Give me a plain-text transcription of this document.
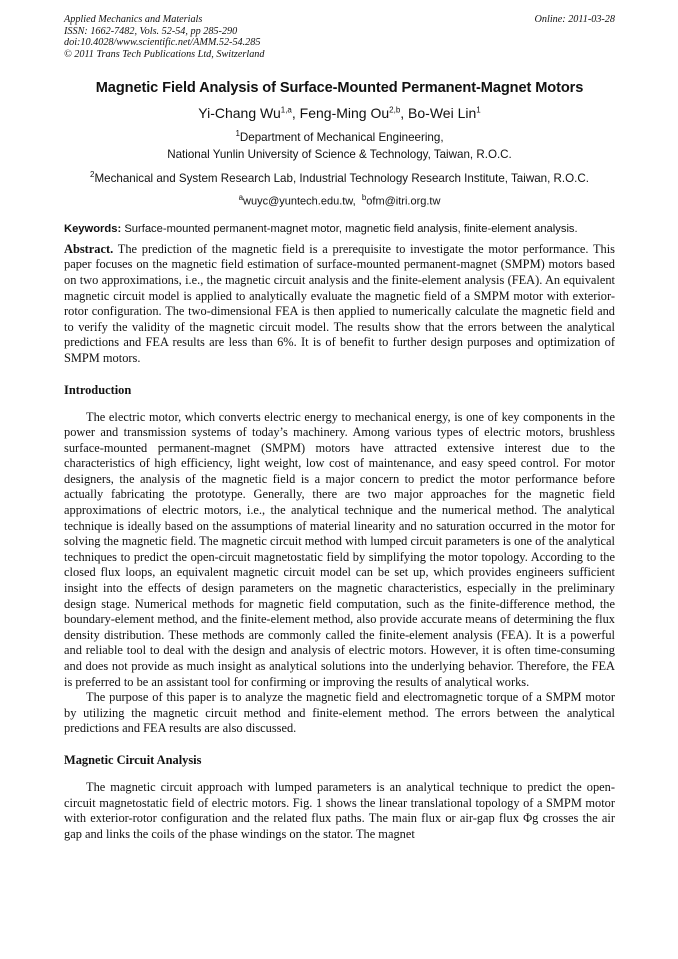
Applied Mechanics and Materials
ISSN: 1662-7482, Vols. 52-54, pp 285-290
doi:10.4028/www.scientific.net/AMM.52-54.285
© 2011 Trans Tech Publications Ltd, Switzerland
Online: 2011-03-28
Magnetic Field Analysis of Surface-Mounted Permanent-Magnet Motors
Yi-Chang Wu$^{1,a}$, Feng-Ming Ou$^{2,b}$, Bo-Wei Lin$^1$
$^1$Department of Mechanical Engineering,
National Yunlin University of Science & Technology, Taiwan, R.O.C.
$^2$Mechanical and System Research Lab, Industrial Technology Research Institute, Taiwan, R.O.C.
$^a$wuyc@yuntech.edu.tw, $^b$ofm@itri.org.tw
Keywords: Surface-mounted permanent-magnet motor, magnetic field analysis, finite-element analysis.
Abstract. The prediction of the magnetic field is a prerequisite to investigate the motor performance. This paper focuses on the magnetic field estimation of surface-mounted permanent-magnet (SMPM) motors based on two approximations, i.e., the magnetic circuit analysis and the finite-element analysis (FEA). An equivalent magnetic circuit model is applied to analytically evaluate the magnetic field of a SMPM motor with exterior-rotor configuration. The two-dimensional FEA is then applied to numerically calculate the magnetic field and to verify the validity of the magnetic circuit model. The results show that the errors between the analytical predictions and FEA results are less than 6%. It is of benefit to further design purposes and optimization of SMPM motors.
Introduction

The electric motor, which converts electric energy to mechanical energy, is one of key components in the power and transmission systems of today’s machinery. Among various types of electric motors, brushless surface-mounted permanent-magnet (SMPM) motors have attracted extensive interest due to the characteristics of high efficiency, light weight, low cost of maintenance, and easy speed control. For motor designers, the analysis of the magnetic field is a major concern to predict the motor performance before actually fabricating the prototype. Generally, there are two major approaches for the magnetic field approximations of electric motors, i.e., the analytical technique and the numerical method. The analytical technique is ideally based on the assumptions of material linearity and no saturation occurred in the motor for solving the magnetic field. The magnetic circuit method with lumped circuit parameters is one of the analytical techniques to predict the open-circuit magnetostatic field by simplifying the motor topology. According to the closed flux loops, an equivalent magnetic circuit model can be set up, which provides engineers sufficient insight into the effects of design parameters on the magnetic characteristics, especially in the preliminary design stage. Numerical methods for magnetic field computation, such as the finite-difference method, the boundary-element method, and the finite-element method, also provide accurate means of determining the flux density distribution. These methods are commonly called the finite-element analysis (FEA). It is a powerful and reliable tool to deal with the design and analysis of electric motors. However, it is often time-consuming and does not provide as much insight as analytical solutions into the underlying behavior. Therefore, the FEA is preferred to be an assistant tool for confirming or improving the results of analytical works.

The purpose of this paper is to analyze the magnetic field and electromagnetic torque of a SMPM motor by utilizing the magnetic circuit method and finite-element method. The errors between the analytical predictions and FEA results are also discussed.

Magnetic Circuit Analysis

The magnetic circuit approach with lumped parameters is an analytical technique to predict the open-circuit magnetostatic field of electric motors. Fig. 1 shows the linear translational topology of a SMPM motor with exterior-rotor configuration and the related flux paths. The main flux or air-gap flux Φg crosses the air gap and links the coils of the phase windings on the stator. The magnet
